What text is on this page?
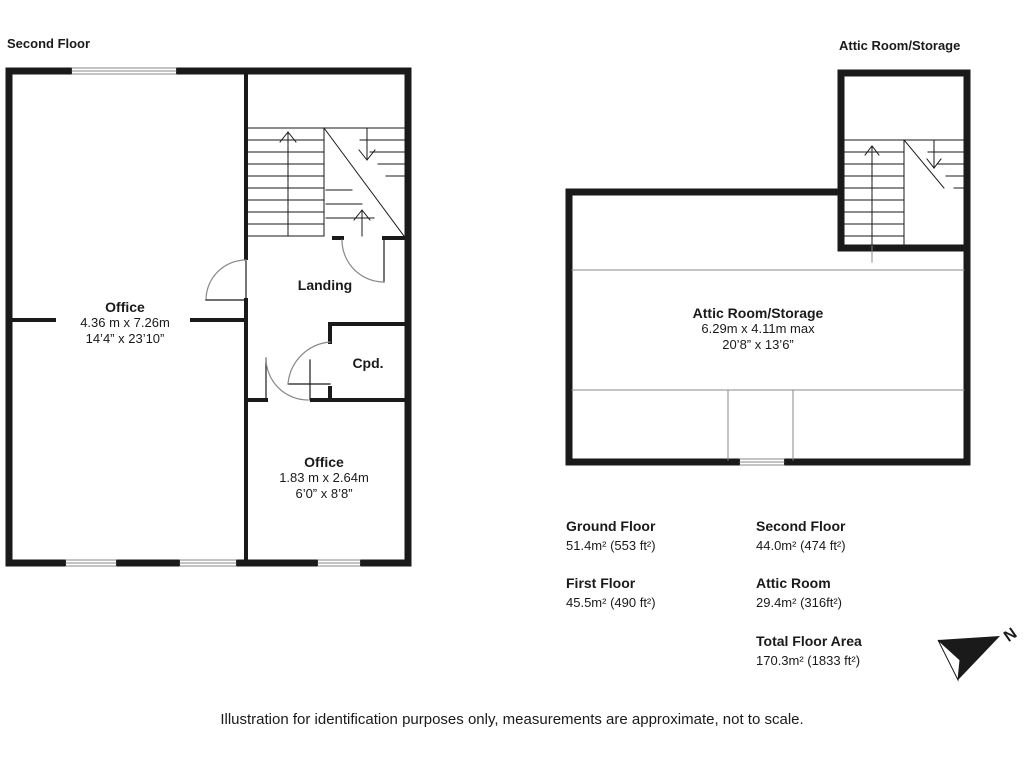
N
Second Floor	Attic Room/Storage
Office
4.36 m x 7.26m
14’4” x 23’10”
Landing
Cpd.
Office
1.83 m x 2.64m
6’0” x 8’8”
Attic Room/Storage
6.29m x 4.11m max
20’8” x 13’6”
Ground Floor
51.4m² (553 ft²)
Second Floor
44.0m² (474 ft²)
First Floor
45.5m² (490 ft²)
Attic Room
29.4m² (316ft²)
Total Floor Area
170.3m² (1833 ft²)
Illustration for identification purposes only, measurements are approximate, not to scale.
